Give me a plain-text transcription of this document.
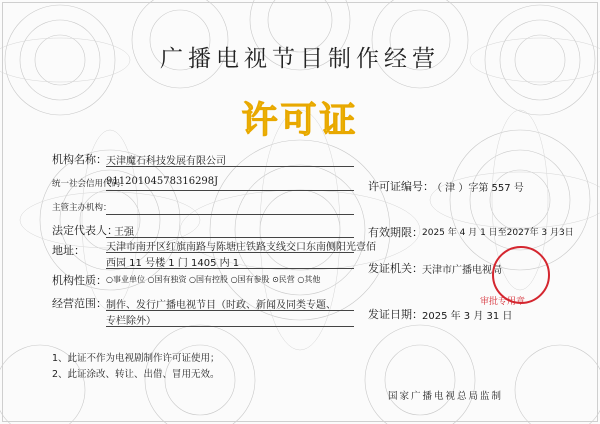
广播电视节目制作经营
许可证
机构名称： 天津魔石科技发展有限公司
统一社会信用代码：
91120104578316298J
主管主办机构：
法定代表人：
王强
地址： 天津市南开区红旗南路与陈塘庄铁路支线交口东南侧阳光壹佰
西园 11 号楼 1 门 1405 内 1
机构性质： ○事业单位 ○国有独资 ○国有控股 ○国有参股 ⊙民营 ○其他
经营范围： 制作、发行广播电视节目（时政、新闻及同类专题、
专栏除外）
许可证编号：
（ 津 ）字第 557 号
有效期限： 2025 年 4 月 1 日至2027年 3 月3日
发证机关： 天津市广播电视局
审批专用章
发证日期： 2025 年 3 月 31 日
1、此证不作为电视剧制作许可证使用；
2、此证涂改、转让、出借、冒用无效。
国家广播电视总局监制
